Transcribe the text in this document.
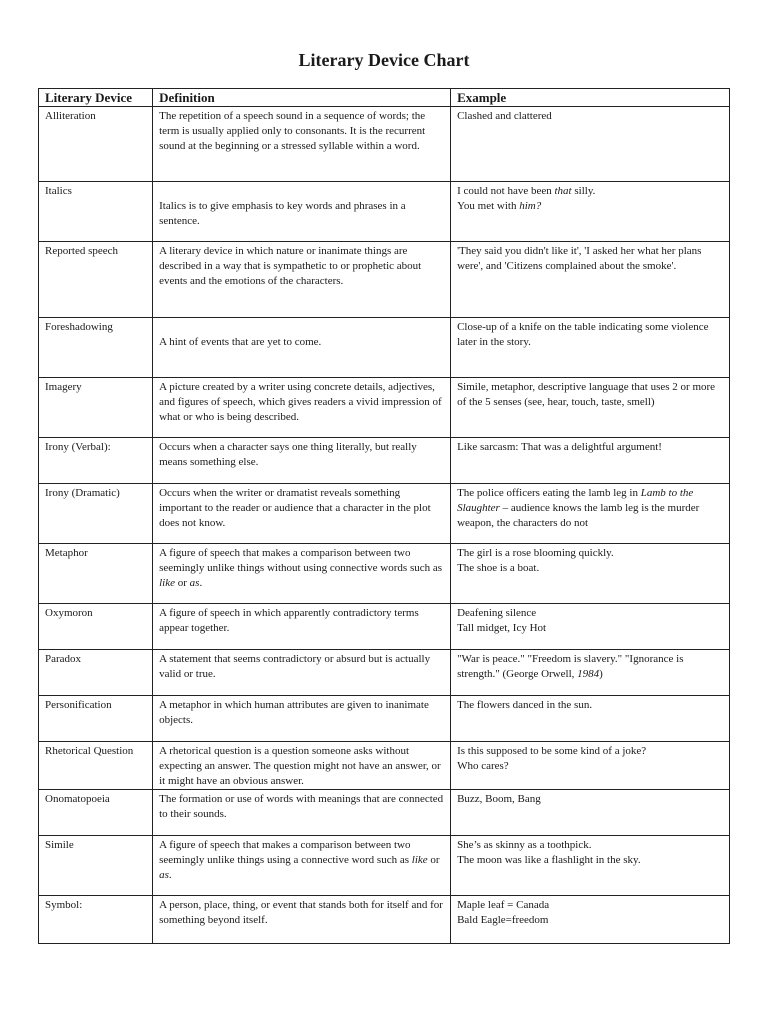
Literary Device Chart
Literary Device	Definition	Example
Alliteration	The repetition of a speech sound in a sequence of words; the term is usually applied only to consonants. It is the recurrent sound at the beginning or a stressed syllable within a word.	Clashed and clattered
Italics	Italics is to give emphasis to key words and phrases in a sentence.	I could not have been that silly.
You met with him?
Reported speech	A literary device in which nature or inanimate things are described in a way that is sympathetic to or prophetic about events and the emotions of the characters.	'They said you didn't like it', 'I asked her what her plans were', and 'Citizens complained about the smoke'.
Foreshadowing	A hint of events that are yet to come.	Close-up of a knife on the table indicating some violence later in the story.
Imagery	A picture created by a writer using concrete details, adjectives, and figures of speech, which gives readers a vivid impression of what or who is being described.	Simile, metaphor, descriptive language that uses 2 or more of the 5 senses (see, hear, touch, taste, smell)
Irony (Verbal):	Occurs when a character says one thing literally, but really means something else.	Like sarcasm: That was a delightful argument!
Irony (Dramatic)	Occurs when the writer or dramatist reveals something important to the reader or audience that a character in the plot does not know.	The police officers eating the lamb leg in Lamb to the Slaughter – audience knows the lamb leg is the murder weapon, the characters do not
Metaphor	A figure of speech that makes a comparison between two seemingly unlike things without using connective words such as like or as.	The girl is a rose blooming quickly.
The shoe is a boat.
Oxymoron	A figure of speech in which apparently contradictory terms appear together.	Deafening silence
Tall midget, Icy Hot
Paradox	A statement that seems contradictory or absurd but is actually valid or true.	"War is peace." "Freedom is slavery." "Ignorance is strength." (George Orwell, 1984)
Personification	A metaphor in which human attributes are given to inanimate objects.	The flowers danced in the sun.
Rhetorical Question	A rhetorical question is a question someone asks without expecting an answer. The question might not have an answer, or it might have an obvious answer.	Is this supposed to be some kind of a joke?
Who cares?
Onomatopoeia	The formation or use of words with meanings that are connected to their sounds.	Buzz, Boom, Bang
Simile	A figure of speech that makes a comparison between two seemingly unlike things using a connective word such as like or as.	She’s as skinny as a toothpick.
The moon was like a flashlight in the sky.
Symbol:	A person, place, thing, or event that stands both for itself and for something beyond itself.	Maple leaf = Canada
Bald Eagle=freedom
